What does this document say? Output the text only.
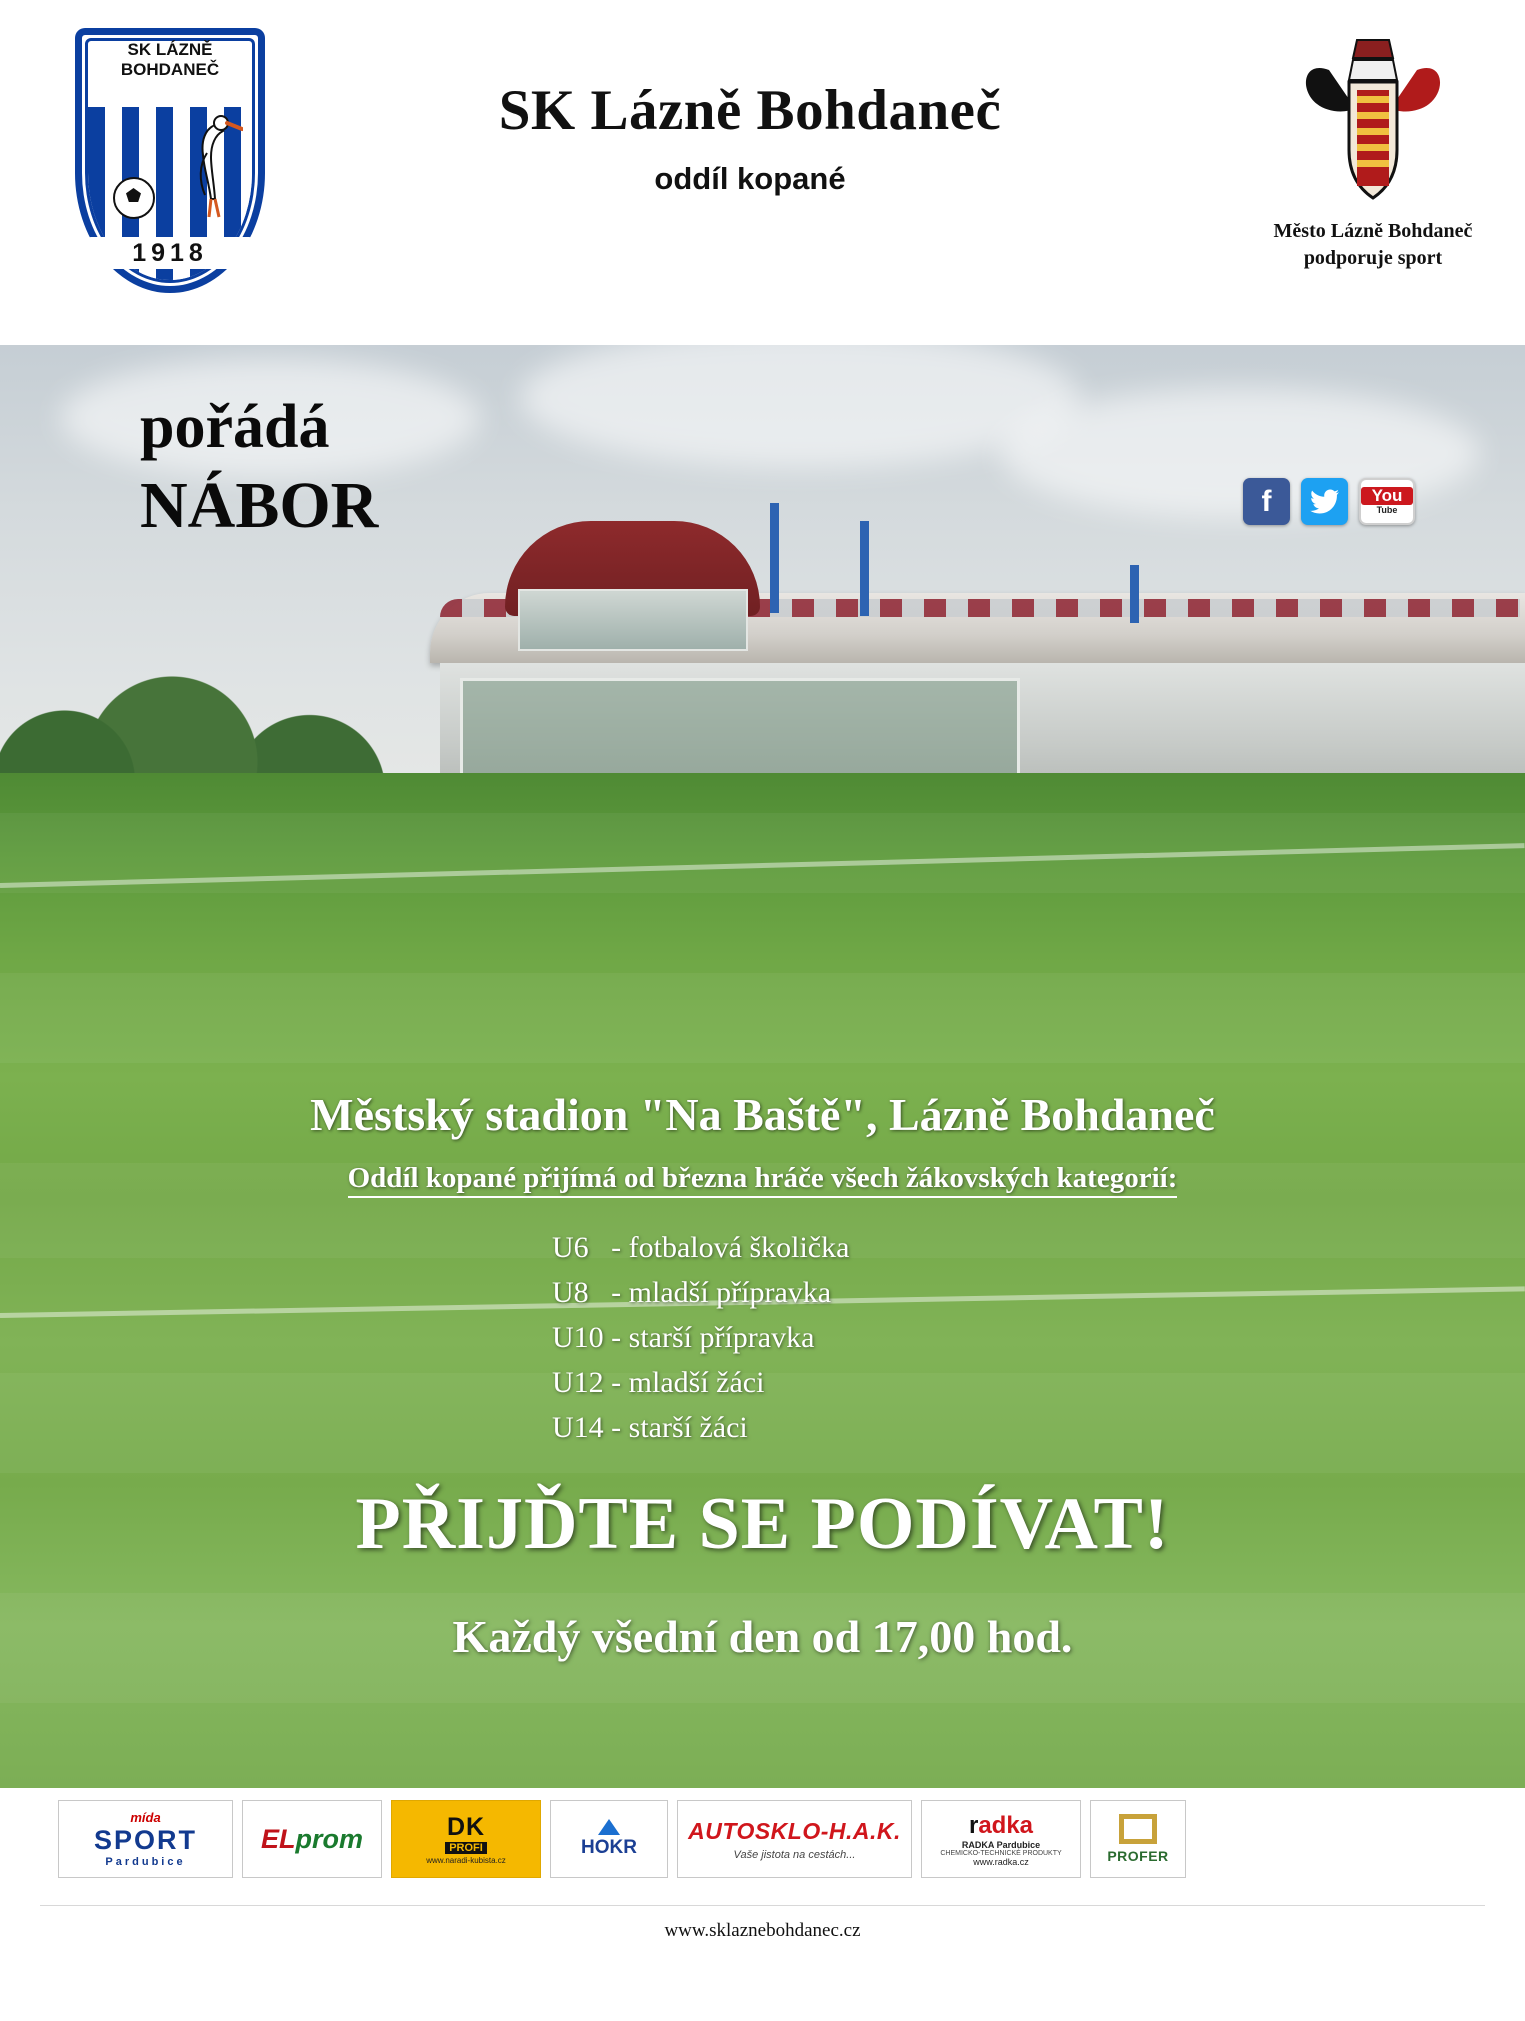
SK LÁZNĚ
BOHDANEČ
1918
SK Lázně Bohdaneč
oddíl kopané
Město Lázně Bohdaneč
podporuje sport
pořádá
NÁBOR	f	You
Tube
Městský stadion "Na Baště", Lázně Bohdaneč
Oddíl kopané přijímá od března hráče všech žákovských kategorií:
U6   - fotbalová školička
U8   - mladší přípravka
U10 - starší přípravka
U12 - mladší žáci
U14 - starší žáci
PŘIJĎTE SE PODÍVAT!
Každý všední den od 17,00 hod.
mída
SPORT
Pardubice
ELprom	DK
PROFI
www.naradi-kubista.cz
HOKR
AUTOSKLO-H.A.K.
Vaše jistota na cestách...
radka
RADKA Pardubice
CHEMICKO-TECHNICKÉ PRODUKTY
www.radka.cz	PROFER
www.sklaznebohdanec.cz
